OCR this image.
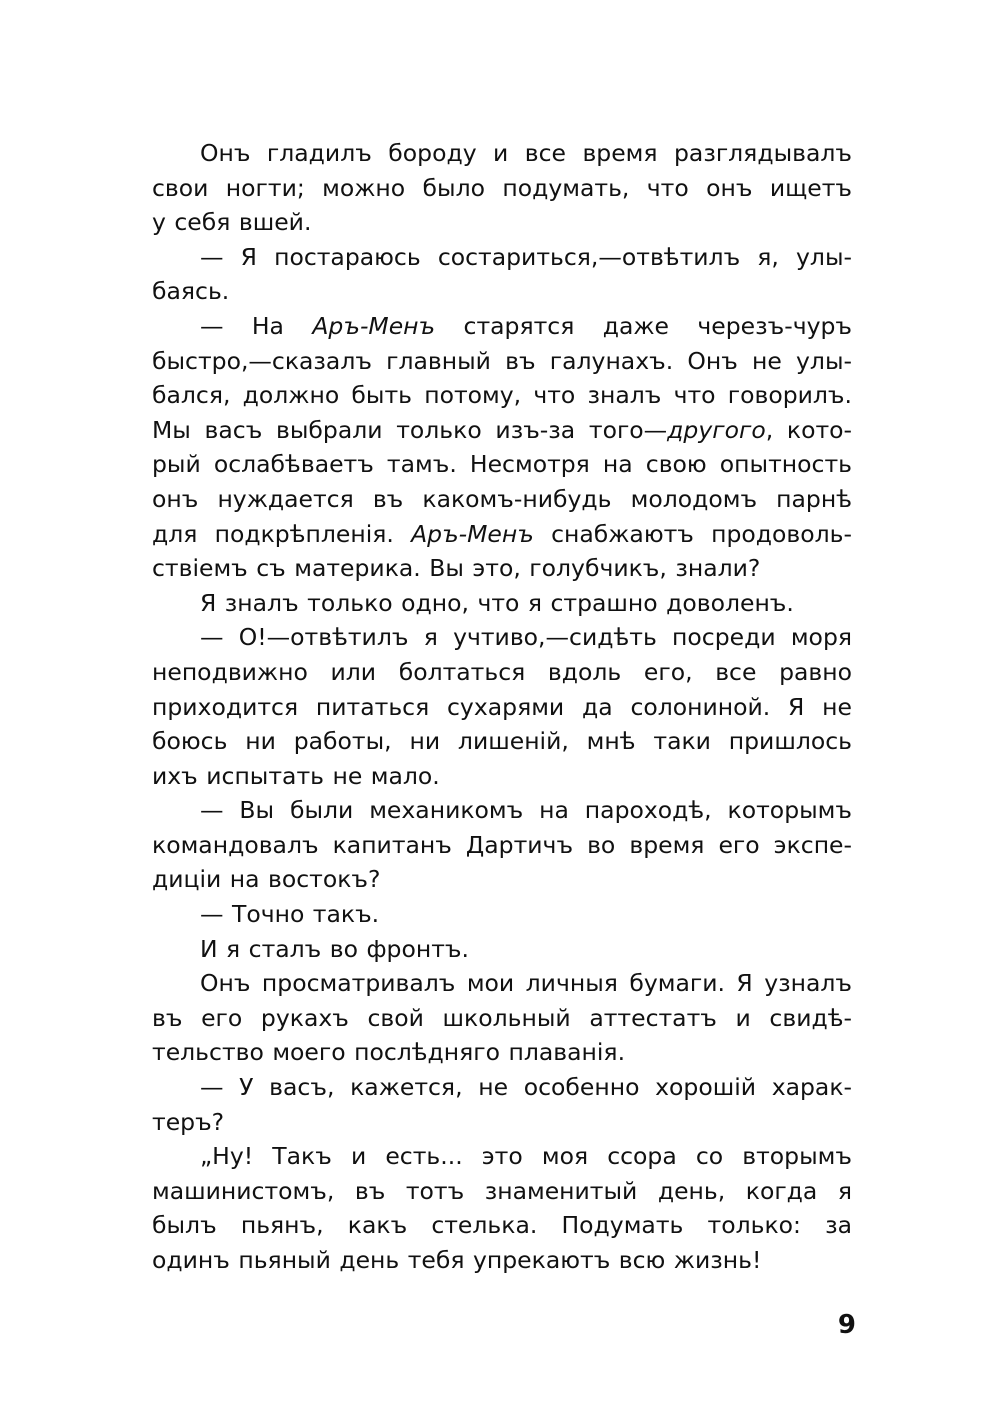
Онъ гладилъ бороду и все время разглядывалъ
свои ногти; можно было подумать, что онъ ищетъ
у себя вшей.
— Я постараюсь состариться,—отвѣтилъ я, улы-
баясь.
— На Аръ-Менъ старятся даже черезъ-чуръ
быстро,—сказалъ главный въ галунахъ. Онъ не улы-
бался, должно быть потому, что зналъ что говорилъ.
Мы васъ выбрали только изъ-за того—другого, кото-
рый ослабѣваетъ тамъ. Несмотря на свою опытность
онъ нуждается въ какомъ-нибудь молодомъ парнѣ
для подкрѣпленія. Аръ-Менъ снабжаютъ продоволь-
ствіемъ съ материка. Вы это, голубчикъ, знали?
Я зналъ только одно, что я страшно доволенъ.
— О!—отвѣтилъ я учтиво,—сидѣть посреди моря
неподвижно или болтаться вдоль его, все равно
приходится питаться сухарями да солониной. Я не
боюсь ни работы, ни лишеній, мнѣ таки пришлось
ихъ испытать не мало.
— Вы были механикомъ на пароходѣ, которымъ
командовалъ капитанъ Дартичъ во время его экспе-
диціи на востокъ?
— Точно такъ.
И я сталъ во фронтъ.
Онъ просматривалъ мои личныя бумаги. Я узналъ
въ его рукахъ свой школьный аттестатъ и свидѣ-
тельство моего послѣдняго плаванія.
— У васъ, кажется, не особенно хорошій харак-
теръ?
„Ну! Такъ и есть... это моя ссора со вторымъ
машинистомъ, въ тотъ знаменитый день, когда я
былъ пьянъ, какъ стелька. Подумать только: за
одинъ пьяный день тебя упрекаютъ всю жизнь!
9
